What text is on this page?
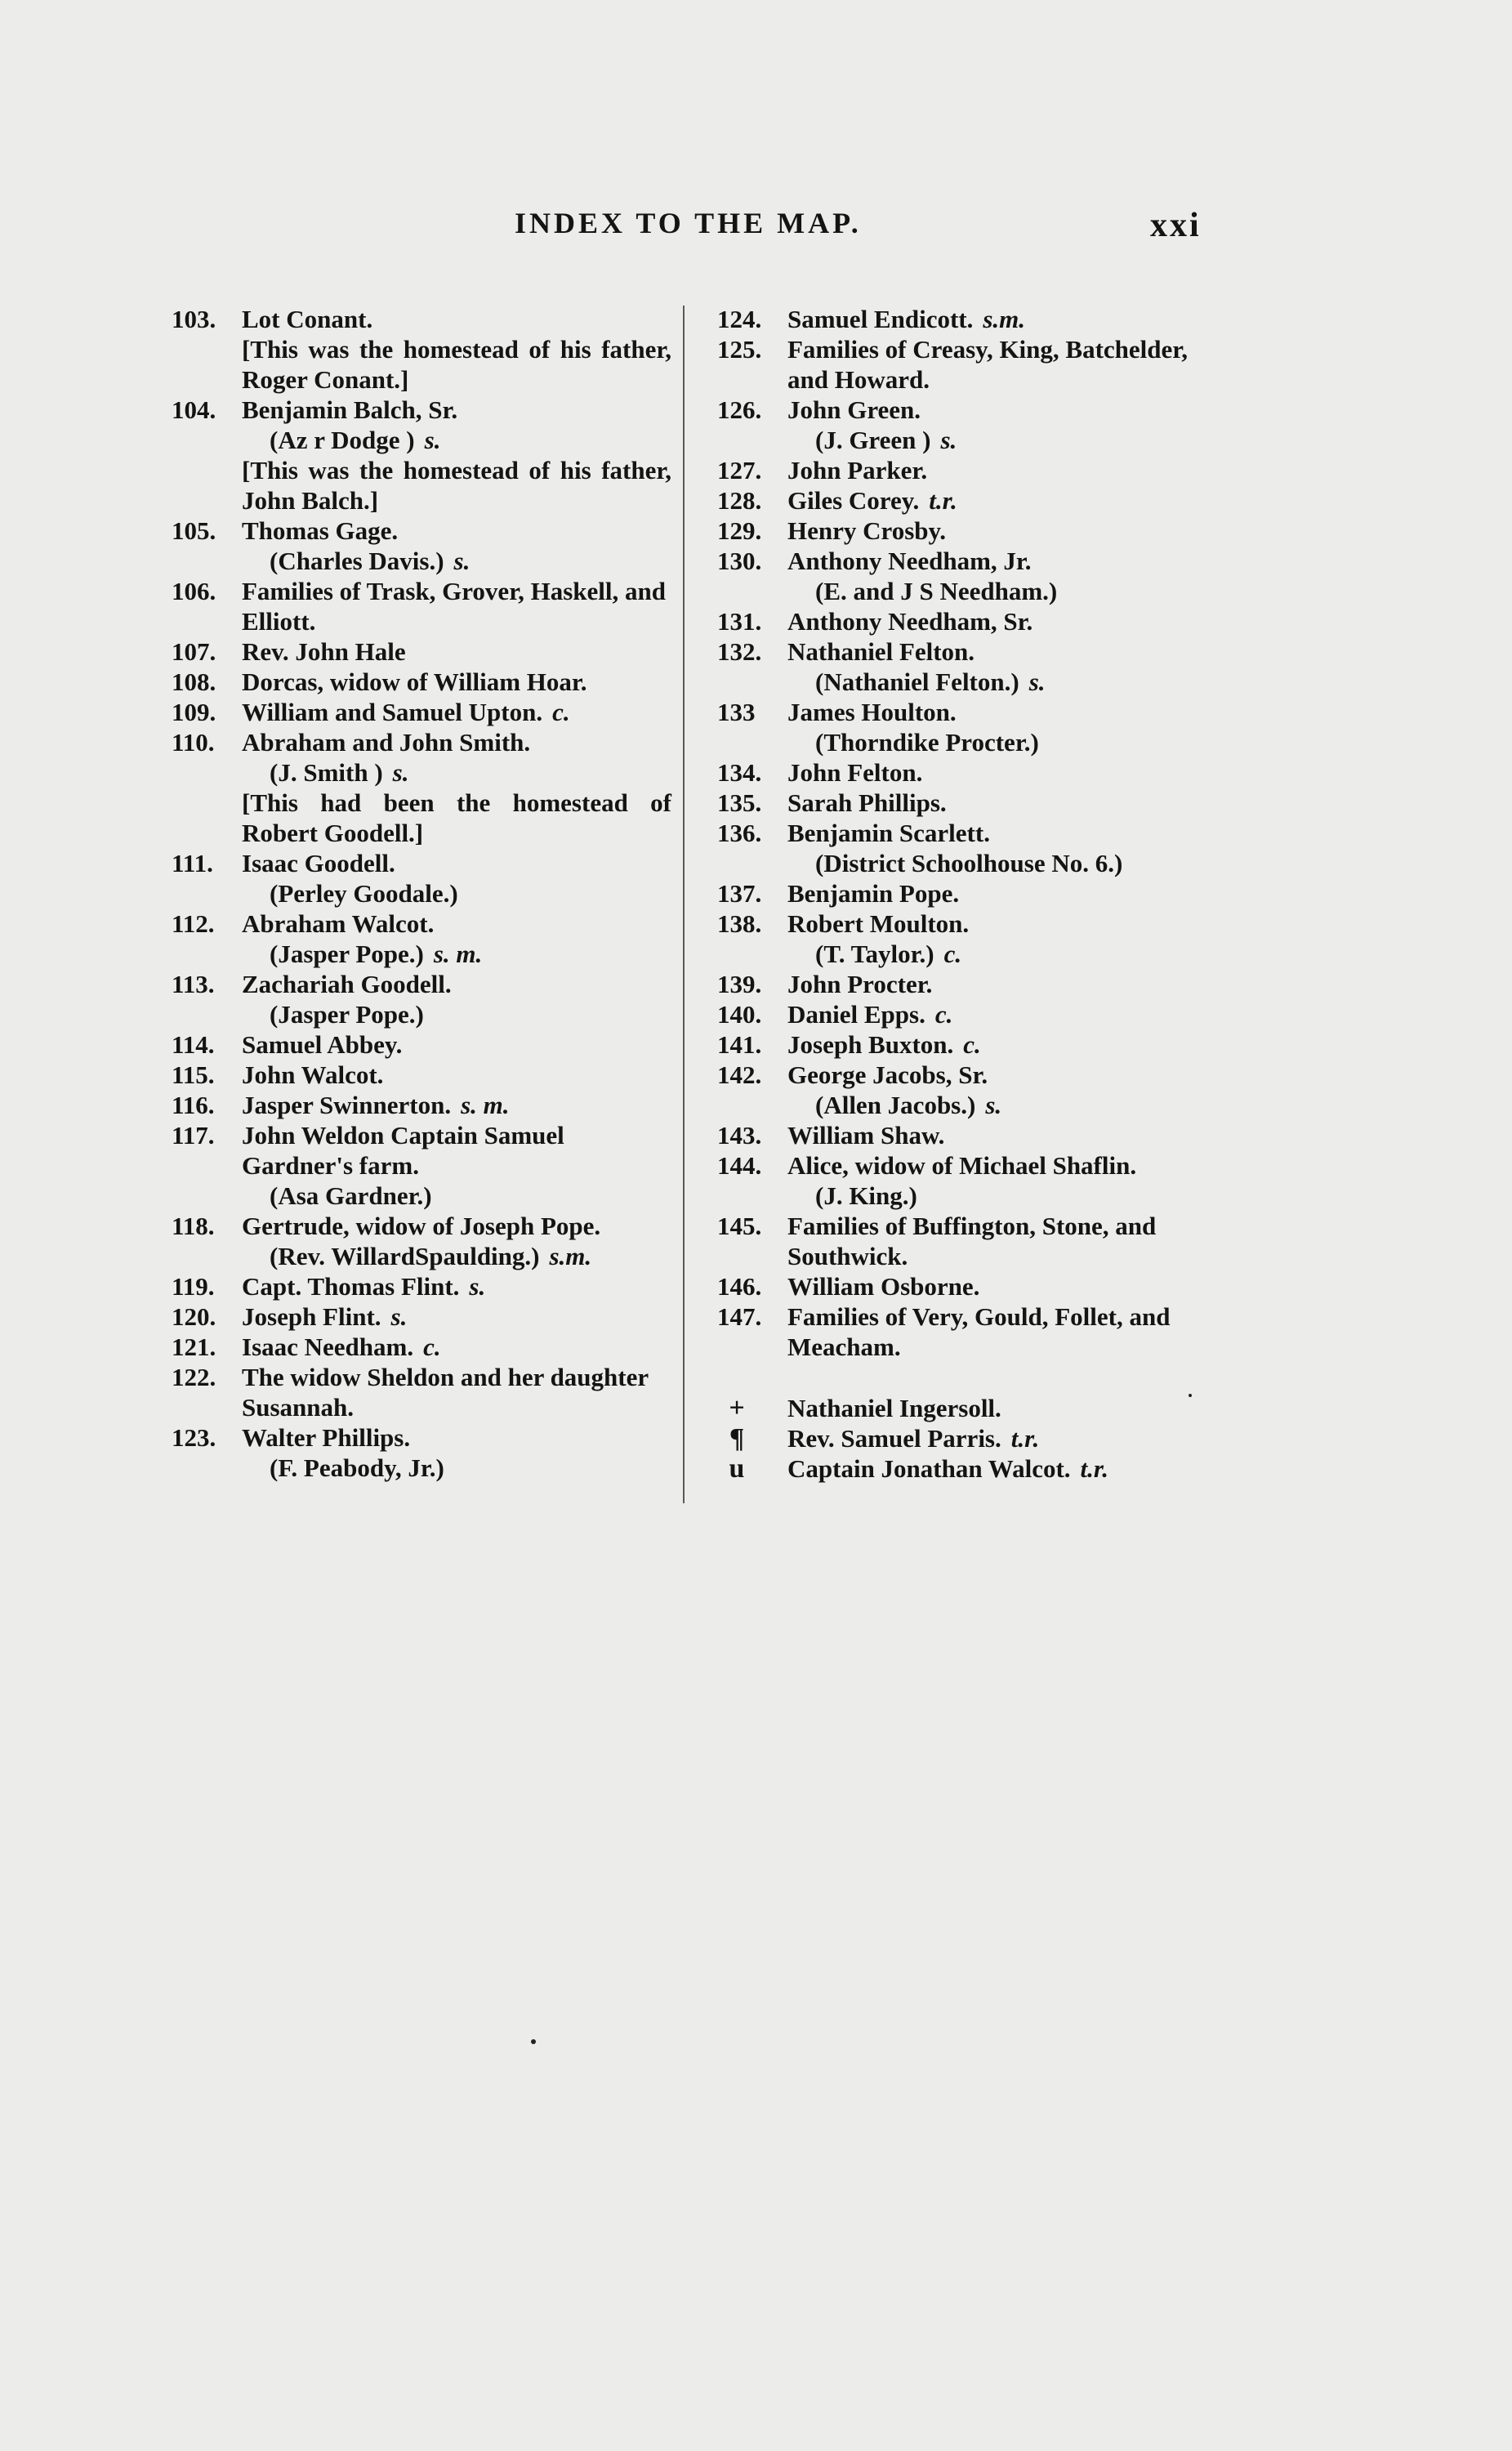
INDEX TO THE MAP.	xxi
103.	Lot Conant.
[This was the homestead of his father, Roger Conant.]
104.	Benjamin Balch, Sr.
(Az r Dodge ) s.
[This was the homestead of his father, John Balch.]
105.	Thomas Gage.
(Charles Davis.) s.
106.	Families of Trask, Grover, Haskell, and Elliott.
107.	Rev. John Hale
108.	Dorcas, widow of William Hoar.
109.	William and Samuel Upton. c.
110.	Abraham and John Smith.
(J. Smith ) s.
[This had been the homestead of Robert Goodell.]
111.	Isaac Goodell.
(Perley Goodale.)
112.	Abraham Walcot.
(Jasper Pope.) s. m.
113.	Zachariah Goodell.
(Jasper Pope.)
114.	Samuel Abbey.
115.	John Walcot.
116.	Jasper Swinnerton. s. m.
117.	John Weldon Captain Samuel Gardner's farm.
(Asa Gardner.)
118.	Gertrude, widow of Joseph Pope.
(Rev. WillardSpaulding.) s.m.
119.	Capt. Thomas Flint. s.
120.	Joseph Flint. s.
121.	Isaac Needham. c.
122.	The widow Sheldon and her daughter Susannah.
123.	Walter Phillips.
(F. Peabody, Jr.)
124.	Samuel Endicott. s.m.
125.	Families of Creasy, King, Batchelder, and Howard.
126.	John Green.
(J. Green ) s.
127.	John Parker.
128.	Giles Corey. t.r.
129.	Henry Crosby.
130.	Anthony Needham, Jr.
(E. and J S Needham.)
131.	Anthony Needham, Sr.
132.	Nathaniel Felton.
(Nathaniel Felton.) s.
133	James Houlton.
(Thorndike Procter.)
134.	John Felton.
135.	Sarah Phillips.
136.	Benjamin Scarlett.
(District Schoolhouse No. 6.)
137.	Benjamin Pope.
138.	Robert Moulton.
(T. Taylor.) c.
139.	John Procter.
140.	Daniel Epps. c.
141.	Joseph Buxton. c.
142.	George Jacobs, Sr.
(Allen Jacobs.) s.
143.	William Shaw.
144.	Alice, widow of Michael Shaflin.
(J. King.)
145.	Families of Buffington, Stone, and Southwick.
146.	William Osborne.
147.	Families of Very, Gould, Follet, and Meacham.
+	Nathaniel Ingersoll.
¶	Rev. Samuel Parris. t.r.
u	Captain Jonathan Walcot. t.r.
